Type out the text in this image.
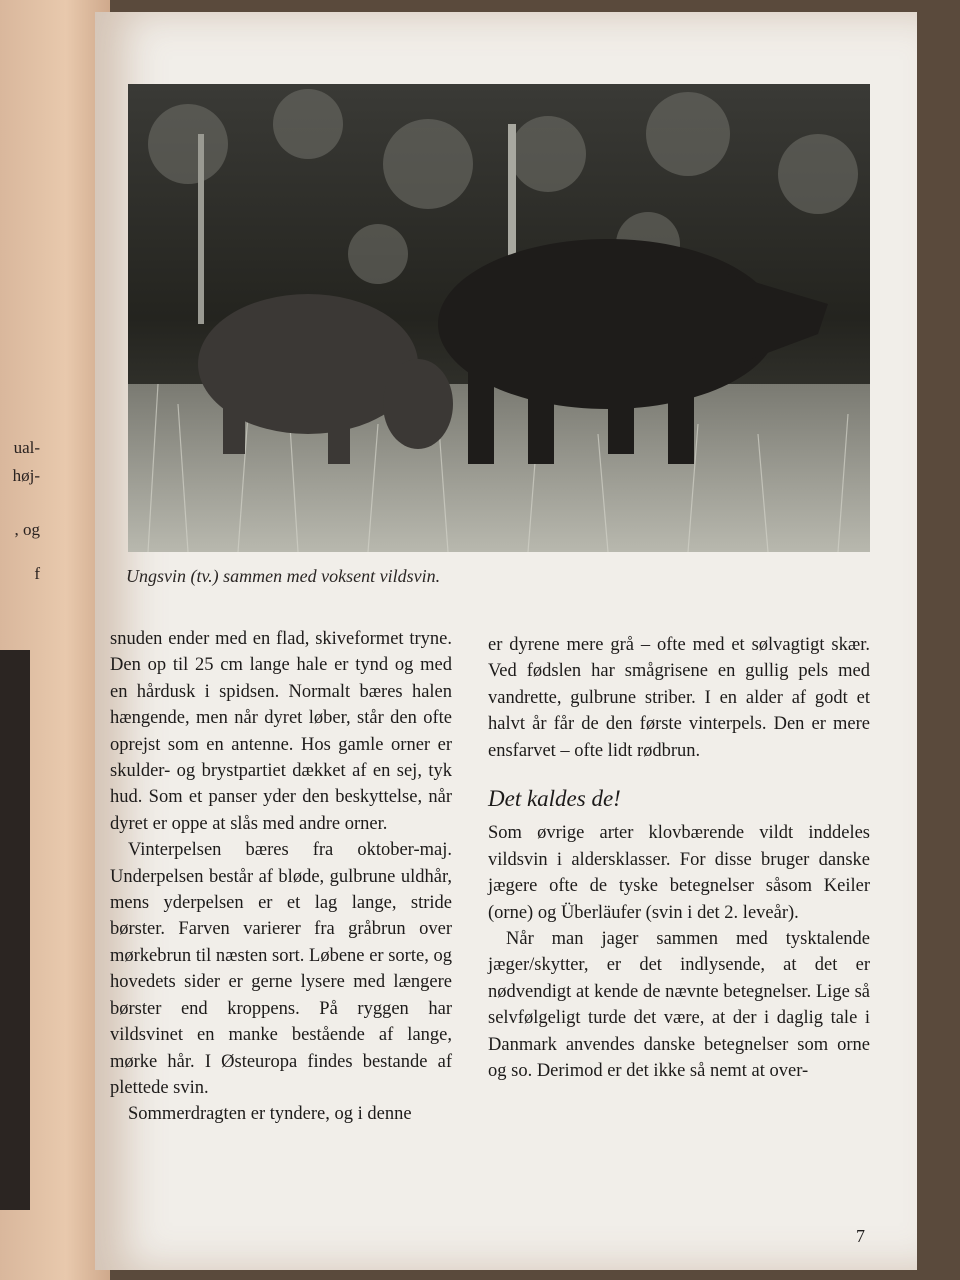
ual-
høj-
, og
f	Ungsvin (tv.) sammen med voksent vildsvin.

snuden ender med en flad, skiveformet tryne. Den op til 25 cm lange hale er tynd og med en hårdusk i spidsen. Normalt bæres halen hængende, men når dyret løber, står den ofte oprejst som en antenne. Hos gamle orner er skulder- og brystpartiet dækket af en sej, tyk hud. Som et panser yder den beskyttelse, når dyret er oppe at slås med andre orner.

Vinterpelsen bæres fra oktober-maj. Underpelsen består af bløde, gulbrune uldhår, mens yderpelsen er et lag lange, stride børster. Farven varierer fra gråbrun over mørkebrun til næsten sort. Løbene er sorte, og hovedets sider er gerne lysere med længere børster end kroppens. På ryggen har vildsvinet en manke bestående af lange, mørke hår. I Østeuropa findes bestande af plettede svin.

Sommerdragten er tyndere, og i denne

er dyrene mere grå – ofte med et sølvagtigt skær. Ved fødslen har smågrisene en gullig pels med vandrette, gulbrune striber. I en alder af godt et halvt år får de den første vinterpels. Den er mere ensfarvet – ofte lidt rødbrun.

Det kaldes de!

Som øvrige arter klovbærende vildt inddeles vildsvin i aldersklasser. For disse bruger danske jægere ofte de tyske betegnelser såsom Keiler (orne) og Überläufer (svin i det 2. leveår).

Når man jager sammen med tysktalende jæger/skytter, er det indlysende, at det er nødvendigt at kende de nævnte betegnelser. Lige så selvfølgeligt turde det være, at der i daglig tale i Danmark anvendes danske betegnelser som orne og so. Derimod er det ikke så nemt at over-

7
